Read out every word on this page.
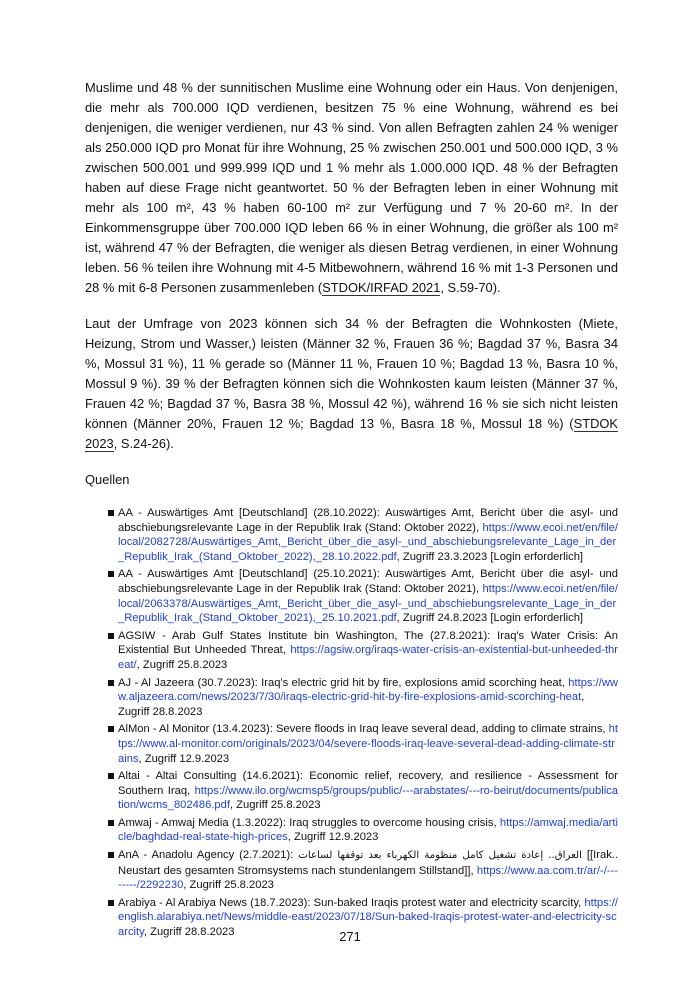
Muslime und 48 % der sunnitischen Muslime eine Wohnung oder ein Haus. Von denjenigen, die mehr als 700.000 IQD verdienen, besitzen 75 % eine Wohnung, während es bei denjenigen, die weniger verdienen, nur 43 % sind. Von allen Befragten zahlen 24 % weniger als 250.000 IQD pro Monat für ihre Wohnung, 25 % zwischen 250.001 und 500.000 IQD, 3 % zwischen 500.001 und 999.999 IQD und 1 % mehr als 1.000.000 IQD. 48 % der Befragten haben auf diese Frage nicht geantwortet. 50 % der Befragten leben in einer Wohnung mit mehr als 100 m², 43 % haben 60-100 m² zur Verfügung und 7 % 20-60 m². In der Einkommensgruppe über 700.000 IQD leben 66 % in einer Wohnung, die größer als 100 m² ist, während 47 % der Befragten, die weniger als diesen Betrag verdienen, in einer Wohnung leben. 56 % teilen ihre Wohnung mit 4-5 Mitbewohnern, während 16 % mit 1-3 Personen und 28 % mit 6-8 Personen zusammenleben (STDOK/IRFAD 2021, S.59-70).

Laut der Umfrage von 2023 können sich 34 % der Befragten die Wohnkosten (Miete, Heizung, Strom und Wasser,) leisten (Männer 32 %, Frauen 36 %; Bagdad 37 %, Basra 34 %, Mossul 31 %), 11 % gerade so (Männer 11 %, Frauen 10 %; Bagdad 13 %, Basra 10 %, Mossul 9 %). 39 % der Befragten können sich die Wohnkosten kaum leisten (Männer 37 %, Frauen 42 %; Bagdad 37 %, Basra 38 %, Mossul 42 %), während 16 % sie sich nicht leisten können (Männer 20%, Frauen 12 %; Bagdad 13 %, Basra 18 %, Mossul 18 %) (STDOK 2023, S.24-26).

Quellen

AA - Auswärtiges Amt [Deutschland] (28.10.2022): Auswärtiges Amt, Bericht über die asyl- und abschiebungsrelevante Lage in der Republik Irak (Stand: Oktober 2022), https://www.ecoi.net/en/file/local/2082728/Auswärtiges_Amt,_Bericht_über_die_asyl-_und_abschiebungsrelevante_Lage_in_der_Republik_Irak_(Stand_Oktober_2022),_28.10.2022.pdf, Zugriff 23.3.2023 [Login erforderlich]
AA - Auswärtiges Amt [Deutschland] (25.10.2021): Auswärtiges Amt, Bericht über die asyl- und abschiebungsrelevante Lage in der Republik Irak (Stand: Oktober 2021), https://www.ecoi.net/en/file/local/2063378/Auswärtiges_Amt,_Bericht_über_die_asyl-_und_abschiebungsrelevante_Lage_in_der_Republik_Irak_(Stand_Oktober_2021),_25.10.2021.pdf, Zugriff 24.8.2023 [Login erforderlich]
AGSIW - Arab Gulf States Institute bin Washington, The (27.8.2021): Iraq's Water Crisis: An Existential But Unheeded Threat, https://agsiw.org/iraqs-water-crisis-an-existential-but-unheeded-threat/, Zugriff 25.8.2023
AJ - Al Jazeera (30.7.2023): Iraq's electric grid hit by fire, explosions amid scorching heat, https://www.aljazeera.com/news/2023/7/30/iraqs-electric-grid-hit-by-fire-explosions-amid-scorching-heat, Zugriff 28.8.2023
AlMon - Al Monitor (13.4.2023): Severe floods in Iraq leave several dead, adding to climate strains, https://www.al-monitor.com/originals/2023/04/severe-floods-iraq-leave-several-dead-adding-climate-strains, Zugriff 12.9.2023
Altai - Altai Consulting (14.6.2021): Economic relief, recovery, and resilience - Assessment for Southern Iraq, https://www.ilo.org/wcmsp5/groups/public/---arabstates/---ro-beirut/documents/publication/wcms_802486.pdf, Zugriff 25.8.2023
Amwaj - Amwaj Media (1.3.2022): Iraq struggles to overcome housing crisis, https://amwaj.media/article/baghdad-real-state-high-prices, Zugriff 12.9.2023
AnA - Anadolu Agency (2.7.2021): العراق.. إعادة تشغيل كامل منظومة الكهرباء بعد توقفها لساعات [[Irak.. Neustart des gesamten Stromsystems nach stundenlangem Stillstand]], https://www.aa.com.tr/ar/-/--------/2292230, Zugriff 25.8.2023
Arabiya - Al Arabiya News (18.7.2023): Sun-baked Iraqis protest water and electricity scarcity, https://english.alarabiya.net/News/middle-east/2023/07/18/Sun-baked-Iraqis-protest-water-and-electricity-scarcity, Zugriff 28.8.2023	271
